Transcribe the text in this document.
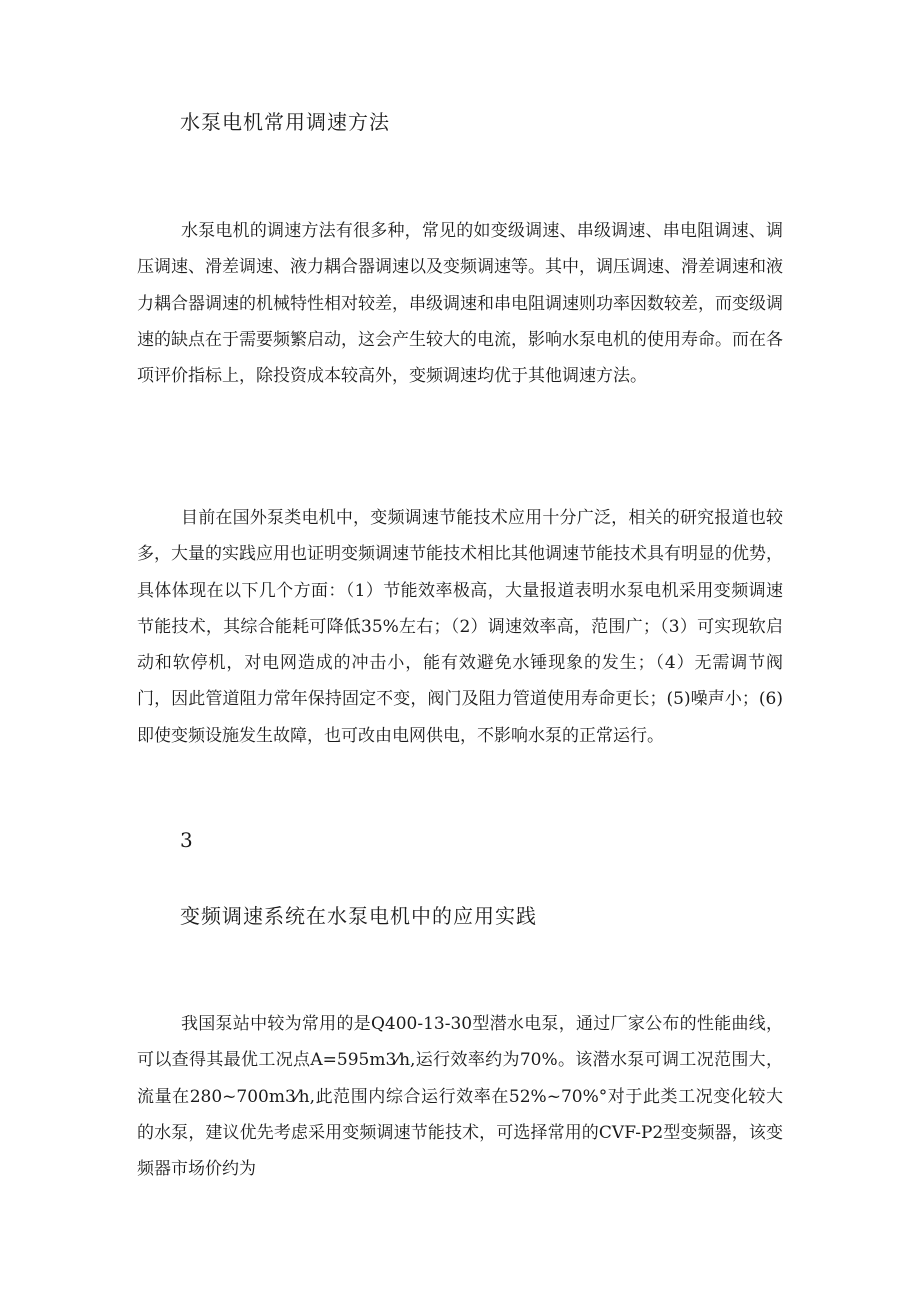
水泵电机常用调速方法

水泵电机的调速方法有很多种，常见的如变级调速、串级调速、串电阻调速、调压调速、滑差调速、液力耦合器调速以及变频调速等。其中，调压调速、滑差调速和液力耦合器调速的机械特性相对较差，串级调速和串电阻调速则功率因数较差，而变级调速的缺点在于需要频繁启动，这会产生较大的电流，影响水泵电机的使用寿命。而在各项评价指标上，除投资成本较高外，变频调速均优于其他调速方法。

目前在国外泵类电机中，变频调速节能技术应用十分广泛，相关的研究报道也较多，大量的实践应用也证明变频调速节能技术相比其他调速节能技术具有明显的优势，具体体现在以下几个方面：（1）节能效率极高，大量报道表明水泵电机采用变频调速节能技术，其综合能耗可降低35%左右；（2）调速效率高，范围广；（3）可实现软启动和软停机，对电网造成的冲击小，能有效避免水锤现象的发生；（4）无需调节阀门，因此管道阻力常年保持固定不变，阀门及阻力管道使用寿命更长；(5)噪声小；(6)即使变频设施发生故障，也可改由电网供电，不影响水泵的正常运行。

3
变频调速系统在水泵电机中的应用实践

我国泵站中较为常用的是Q400-13-30型潜水电泵，通过厂家公布的性能曲线，可以查得其最优工况点A=595m3⁄h,运行效率约为70%。该潜水泵可调工况范围大，流量在280~700m3⁄h,此范围内综合运行效率在52%~70%°对于此类工况变化较大的水泵，建议优先考虑采用变频调速节能技术，可选择常用的CVF-P2型变频器，该变频器市场价约为
